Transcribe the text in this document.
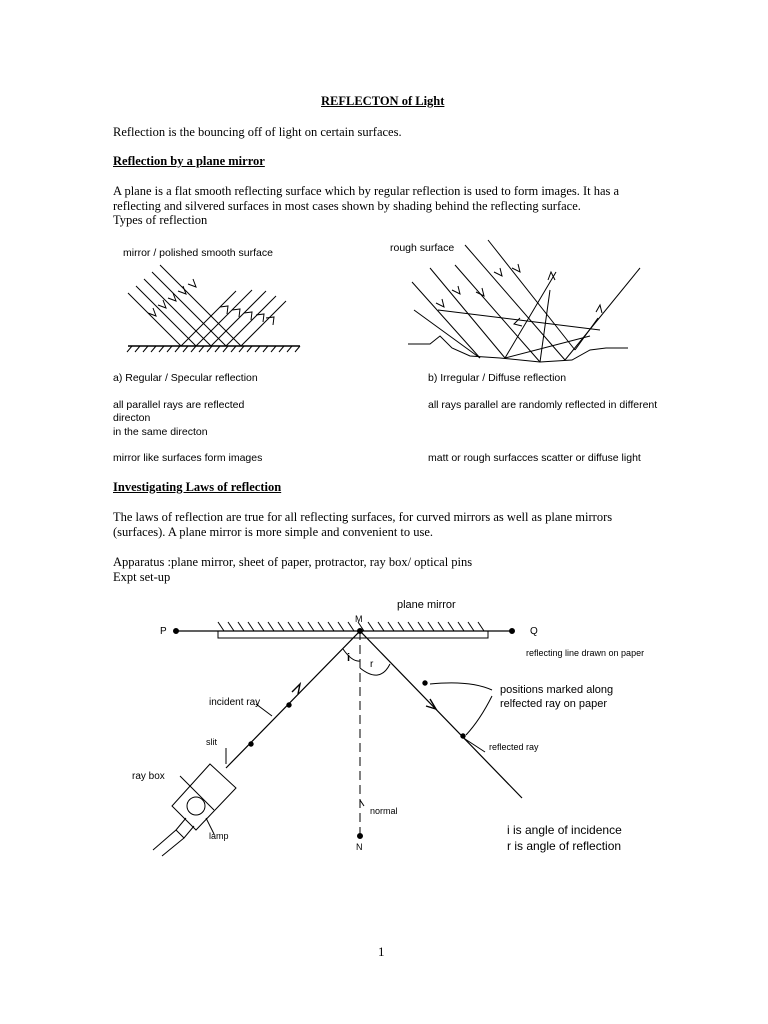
REFLECTON of Light
Reflection is the bouncing off of light on certain surfaces.
Reflection by a plane mirror
A plane is a flat smooth reflecting surface which by regular reflection is used to form images. It has a
reflecting and silvered surfaces in most cases shown by shading behind the reflecting surface.
Types of reflection
mirror / polished smooth surface	rough surface
a) Regular / Specular reflection	b) Irregular / Diffuse reflection
all parallel rays are reflected
directon
in the same directon
all rays parallel are randomly reflected in different
mirror like surfaces form images	matt or rough surfacces scatter or diffuse light
Investigating Laws of reflection
The laws of reflection are true for all reflecting surfaces, for curved mirrors as well as plane mirrors
(surfaces). A plane mirror is more simple and convenient to use.
Apparatus :plane mirror, sheet of paper, protractor, ray box/ optical pins
Expt set-up
1
P	Q
M
N
plane mirror
reflecting line drawn on paper
i
r
incident ray
slit
ray box
lamp
normal
positions marked along
relfected ray on paper
reflected ray
i is angle of incidence
r is angle of reflection
